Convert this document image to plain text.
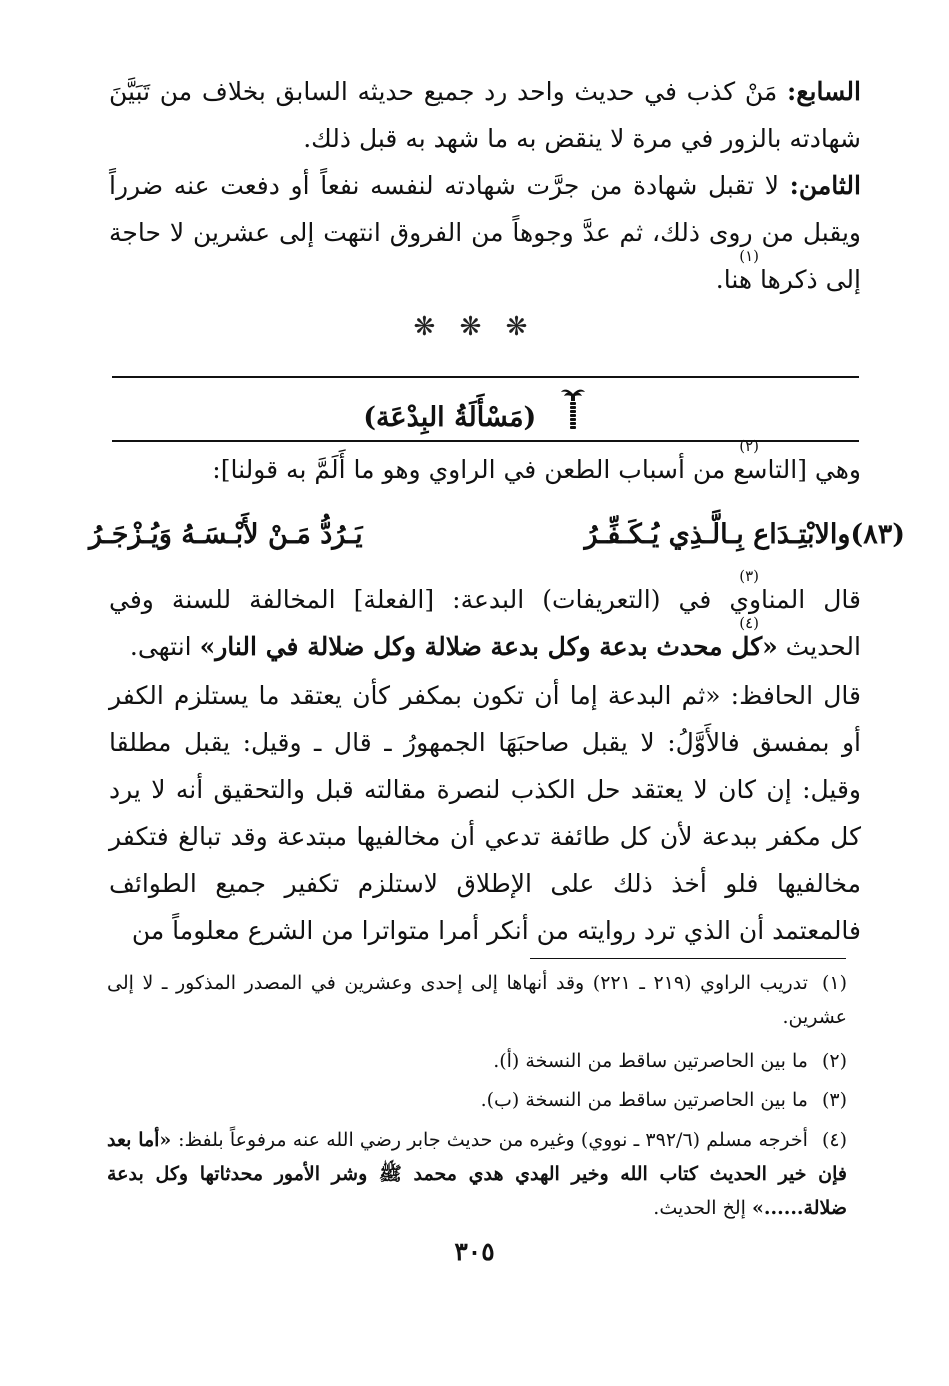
السابع: مَنْ كذب في حديث واحد رد جميع حديثه السابق بخلاف من تَبَيَّنَ شهادته بالزور في مرة لا ينقض به ما شهد به قبل ذلك.

الثامن: لا تقبل شهادة من جرَّت شهادته لنفسه نفعاً أو دفعت عنه ضرراً ويقبل من روى ذلك، ثم عدَّ وجوهاً من الفروق انتهت إلى عشرين لا حاجة إلى ذكرها هنا
(١)
.

❋ ❋ ❋
(مَسْأَلَةُ البِدْعَة)

وهي [التاسع من أسباب الطعن في الراوي وهو ما أَلَمَّ به قولنا]
(٢)
:

(٨٣)والابْتِـدَاع بِـالَّـذِي يُـكَـفِّـرُ
يَـرُدُّ مَـنْ لأَبْـسَـهُ وَيُـزْجَـرُ

قال المناوي في (التعريفات) البدعة: [الفعلة]
(٣)
المخالفة للسنة وفي الحديث «كل محدث بدعة وكل بدعة ضلالة وكل ضلالة في النار»
(٤)
انتهى.

قال الحافظ: «ثم البدعة إما أن تكون بمكفر كأن يعتقد ما يستلزم الكفر أو بمفسق فالأَوَّلُ: لا يقبل صاحبَهَا الجمهورُ ـ قال ـ وقيل: يقبل مطلقا وقيل: إن كان لا يعتقد حل الكذب لنصرة مقالته قبل والتحقيق أنه لا يرد كل مكفر ببدعة لأن كل طائفة تدعي أن مخالفيها مبتدعة وقد تبالغ فتكفر مخالفيها فلو أخذ ذلك على الإطلاق لاستلزم تكفير جميع الطوائف فالمعتمد أن الذي ترد روايته من أنكر أمرا متواترا من الشرع معلوماً من

(١)تدريب الراوي (٢١٩ ـ ٢٢١) وقد أنهاها إلى إحدى وعشرين في المصدر المذكور ـ لا إلى عشرين.

(٢)ما بين الحاصرتين ساقط من النسخة (أ).

(٣)ما بين الحاصرتين ساقط من النسخة (ب).

(٤)أخرجه مسلم (٣٩٢/٦ ـ نووي) وغيره من حديث جابر رضي الله عنه مرفوعاً بلفظ: «أما بعد فإن خير الحديث كتاب الله وخير الهدي هدي محمد ﷺ وشر الأمور محدثاتها وكل بدعة ضلالة......» إلخ الحديث.

٣٠٥
